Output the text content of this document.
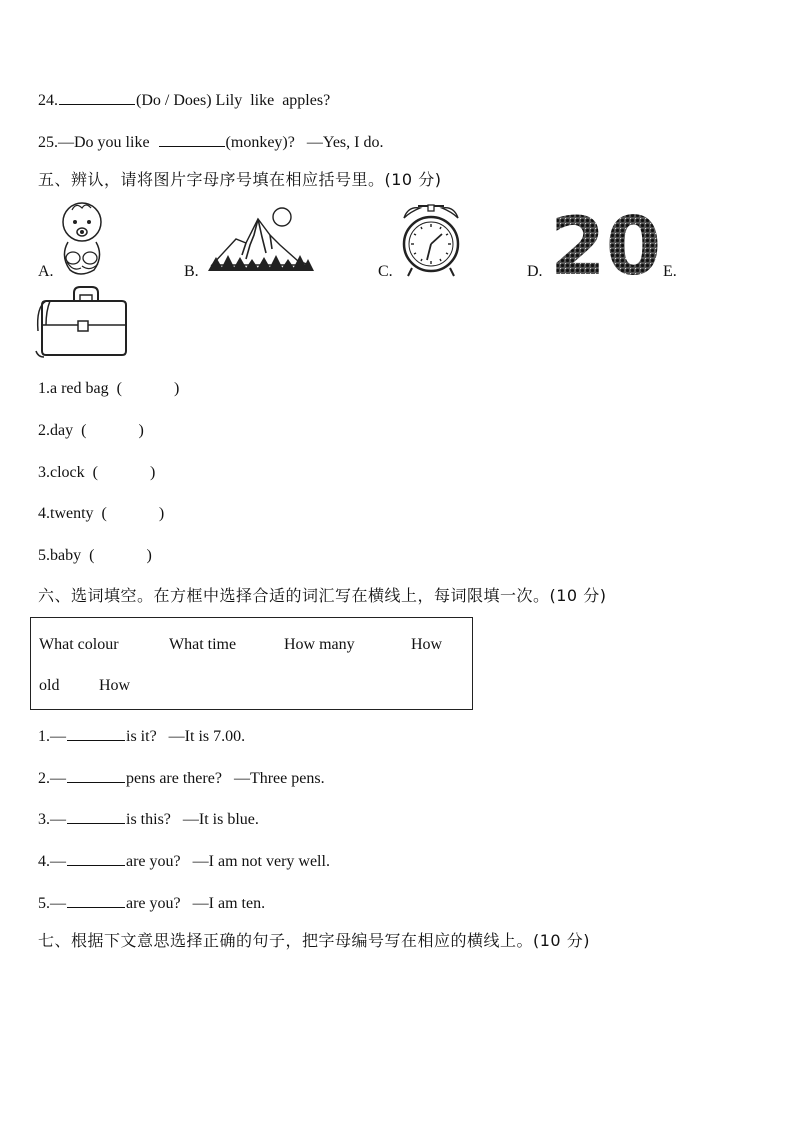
24.	(Do / Does) Lily  like  apples?
25.—Do you like	(monkey)? —Yes, I do.
五、辨认，请将图片字母序号填在相应括号里。(10 分)
A.	B.	C.	D. 20 E.
1.a red bag (	)
2.day (	)
3.clock (	)
4.twenty (	)
5.baby (	)
六、选词填空。在方框中选择合适的词汇写在横线上，每词限填一次。(10 分)
What colour	What time	How many	How
old How
1.—	is it? —It is 7.00.
2.—	pens are there? —Three pens.
3.—	is this? —It is blue.
4.—	are you? —I am not very well.
5.—	are you? —I am ten.
七、根据下文意思选择正确的句子，把字母编号写在相应的横线上。(10 分)
